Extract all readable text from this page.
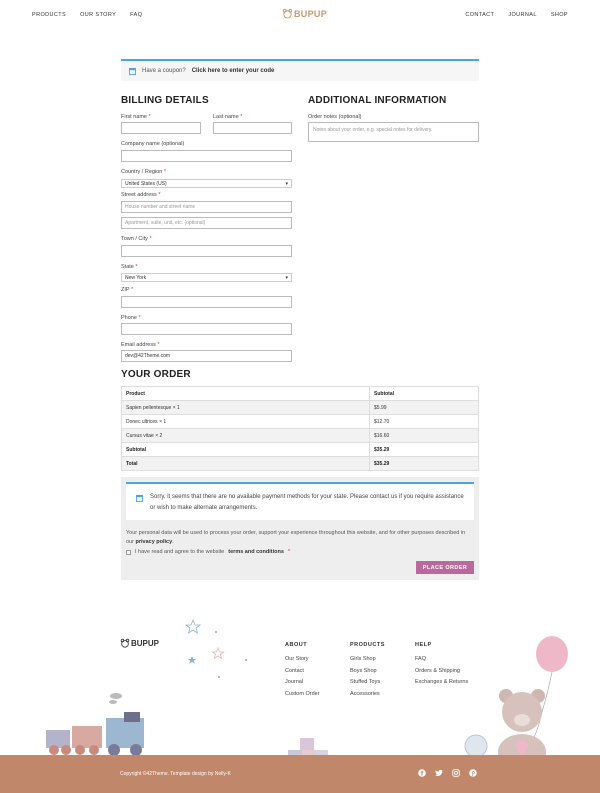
PRODUCTS	OUR STORY	FAQ	BUPUP	CONTACT	JOURNAL	SHOP
Have a coupon? Click here to enter your code
BILLING DETAILS
First name *	Last name *
Company name (optional)
Country / Region *
United States (US)	▾
Street address *
House number and street name
Apartment, suite, unit, etc. (optional)
Town / City *
State *
New York	▾
ZIP *
Phone *
Email address *
dev@42Theme.com
ADDITIONAL INFORMATION
Order notes (optional)
Notes about your order, e.g. special notes for delivery.
YOUR ORDER
Product	Subtotal
Sapien pellentesque × 1	$5.99
Donec ultrices × 1	$12.70
Cursus vitae × 2	$16.60
Subtotal	$35.29
Total	$35.29
Sorry, it seems that there are no available payment methods for your state. Please contact us if you require assistance or wish to make alternate arrangements.
Your personal data will be used to process your order, support your experience throughout this website, and for other purposes described in our privacy policy.
I have read and agree to the website terms and conditions *
PLACE ORDER
BUPUP	ABOUT
Our Story
Contact
Journal
Custom Order
PRODUCTS
Girls Shop
Boys Shop
Stuffed Toys
Accessories
HELP
FAQ
Orders & Shipping
Exchanges & Returns
Copyright ©42Theme. Template design by Nelly-K
